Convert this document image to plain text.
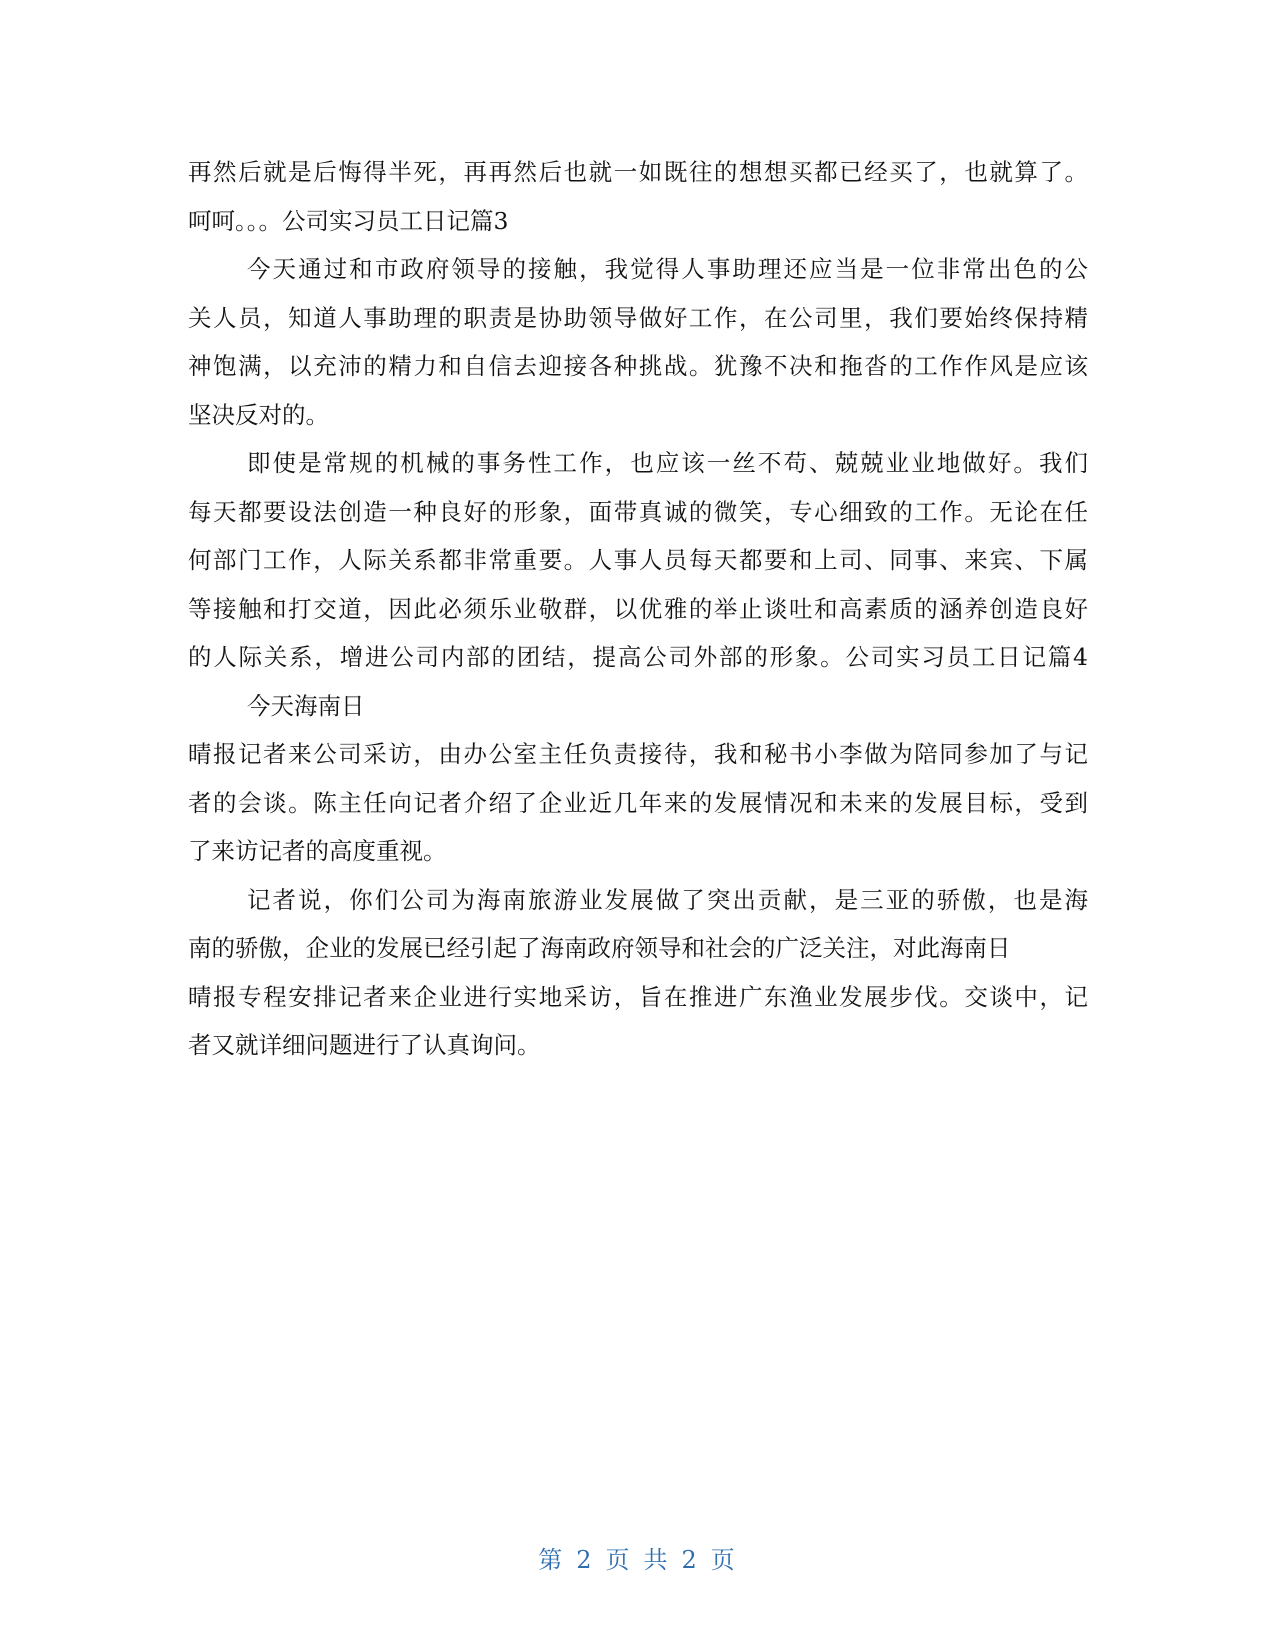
再然后就是后悔得半死，再再然后也就一如既往的想想买都已经买了，也就算了。
呵呵。。。公司实习员工日记篇3
今天通过和市政府领导的接触，我觉得人事助理还应当是一位非常出色的公
关人员，知道人事助理的职责是协助领导做好工作，在公司里，我们要始终保持精
神饱满，以充沛的精力和自信去迎接各种挑战。犹豫不决和拖沓的工作作风是应该
坚决反对的。
即使是常规的机械的事务性工作，也应该一丝不苟、兢兢业业地做好。我们
每天都要设法创造一种良好的形象，面带真诚的微笑，专心细致的工作。无论在任
何部门工作，人际关系都非常重要。人事人员每天都要和上司、同事、来宾、下属
等接触和打交道，因此必须乐业敬群，以优雅的举止谈吐和高素质的涵养创造良好
的人际关系，增进公司内部的团结，提高公司外部的形象。公司实习员工日记篇4
今天海南日
晴报记者来公司采访，由办公室主任负责接待，我和秘书小李做为陪同参加了与记
者的会谈。陈主任向记者介绍了企业近几年来的发展情况和未来的发展目标，受到
了来访记者的高度重视。
记者说，你们公司为海南旅游业发展做了突出贡献，是三亚的骄傲，也是海
南的骄傲，企业的发展已经引起了海南政府领导和社会的广泛关注，对此海南日
晴报专程安排记者来企业进行实地采访，旨在推进广东渔业发展步伐。交谈中，记
者又就详细问题进行了认真询问。
第 2 页 共 2 页
